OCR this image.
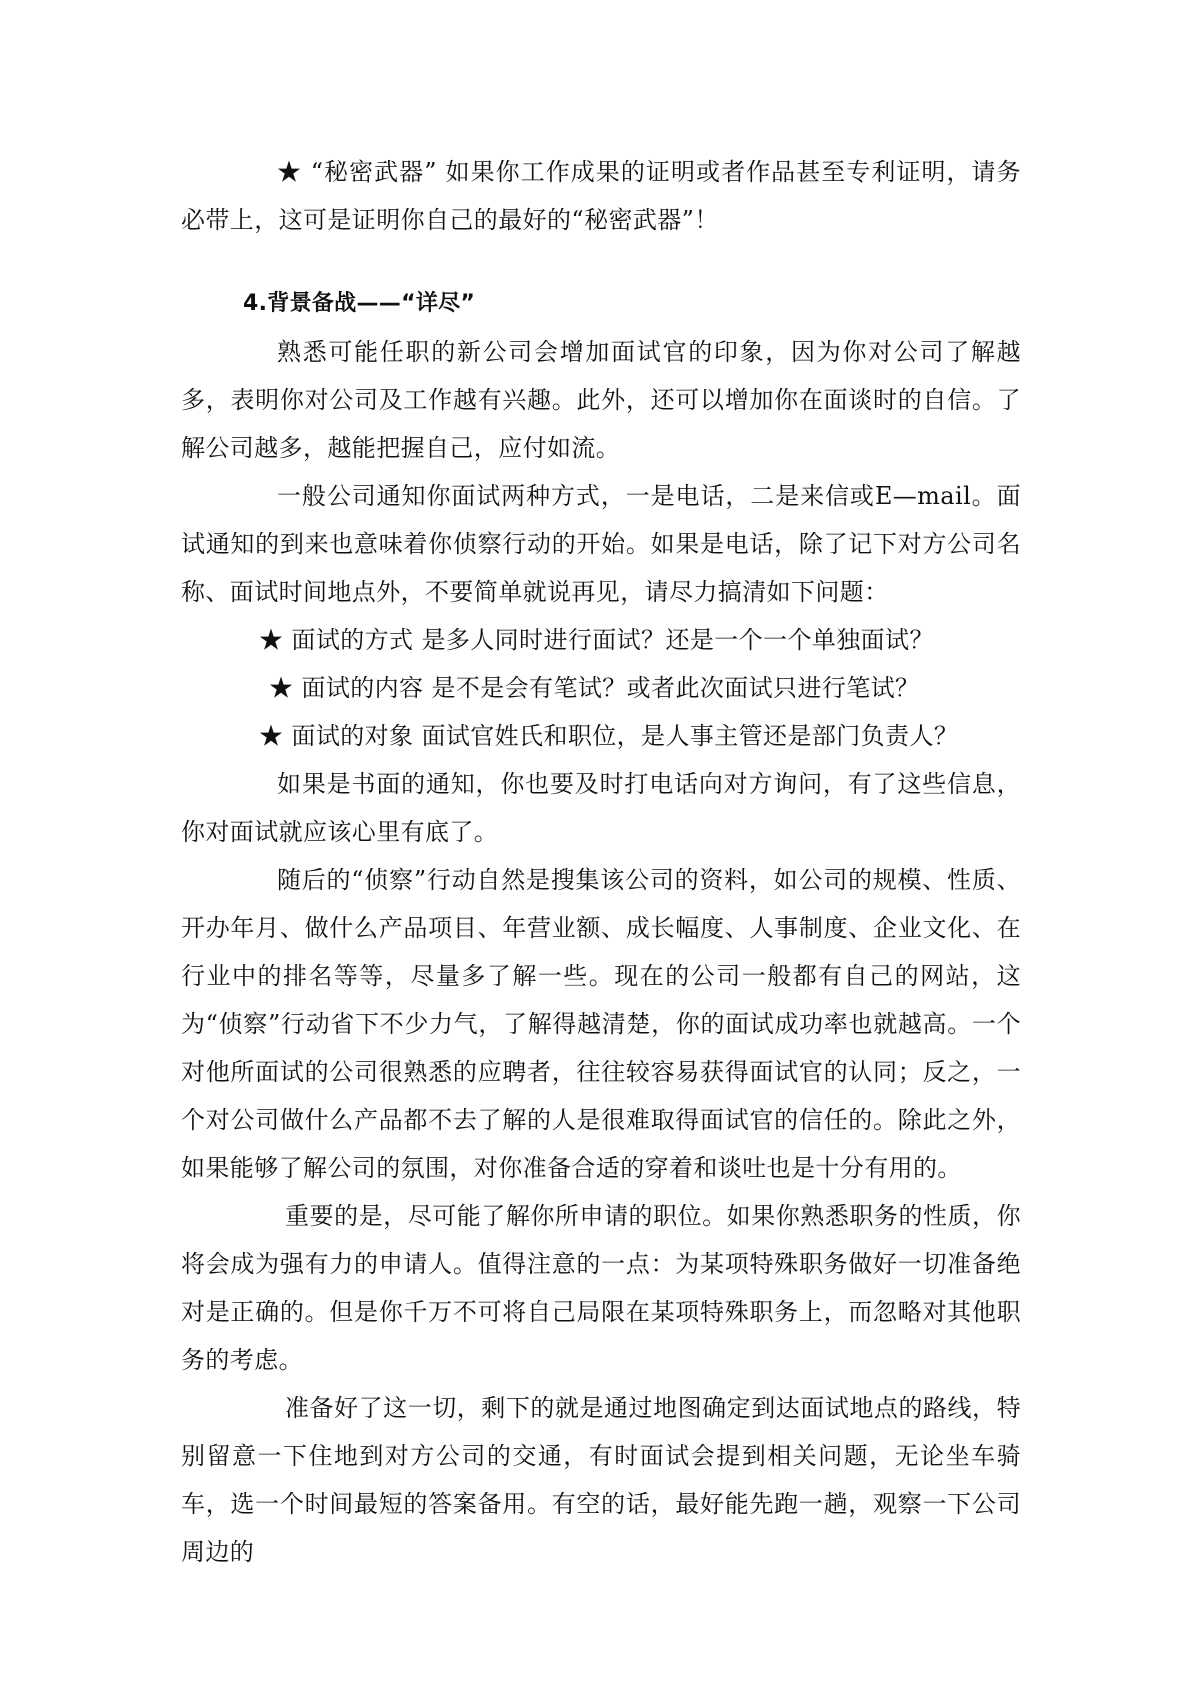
★ “秘密武器” 如果你工作成果的证明或者作品甚至专利证明，请务必带上，这可是证明你自己的最好的“秘密武器”！

4.背景备战——“详尽”

熟悉可能任职的新公司会增加面试官的印象，因为你对公司了解越多，表明你对公司及工作越有兴趣。此外，还可以增加你在面谈时的自信。了解公司越多，越能把握自己，应付如流。

一般公司通知你面试两种方式，一是电话，二是来信或E—mail。面试通知的到来也意味着你侦察行动的开始。如果是电话，除了记下对方公司名称、面试时间地点外，不要简单就说再见，请尽力搞清如下问题：

★ 面试的方式 是多人同时进行面试？还是一个一个单独面试？

★ 面试的内容 是不是会有笔试？或者此次面试只进行笔试？

★ 面试的对象 面试官姓氏和职位，是人事主管还是部门负责人？

如果是书面的通知，你也要及时打电话向对方询问，有了这些信息，你对面试就应该心里有底了。

随后的“侦察”行动自然是搜集该公司的资料，如公司的规模、性质、开办年月、做什么产品项目、年营业额、成长幅度、人事制度、企业文化、在行业中的排名等等，尽量多了解一些。现在的公司一般都有自己的网站，这为“侦察”行动省下不少力气，了解得越清楚，你的面试成功率也就越高。一个对他所面试的公司很熟悉的应聘者，往往较容易获得面试官的认同；反之，一个对公司做什么产品都不去了解的人是很难取得面试官的信任的。除此之外，如果能够了解公司的氛围，对你准备合适的穿着和谈吐也是十分有用的。

重要的是，尽可能了解你所申请的职位。如果你熟悉职务的性质，你将会成为强有力的申请人。值得注意的一点：为某项特殊职务做好一切准备绝对是正确的。但是你千万不可将自己局限在某项特殊职务上，而忽略对其他职务的考虑。

准备好了这一切，剩下的就是通过地图确定到达面试地点的路线，特别留意一下住地到对方公司的交通，有时面试会提到相关问题，无论坐车骑车，选一个时间最短的答案备用。有空的话，最好能先跑一趟，观察一下公司周边的
